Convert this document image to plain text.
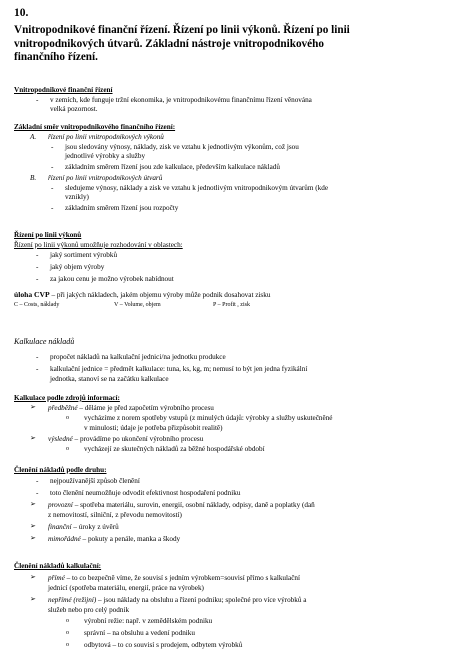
10.
Vnitropodnikové finanční řízení. Řízení po linii výkonů. Řízení po linii
vnitropodnikových útvarů. Základní nástroje vnitropodnikového
finančního řízení.
Vnitropodnikové finanční řízení
- v zemích, kde funguje tržní ekonomika, je vnitropodnikovému finančnímu řízení věnována
velká pozornost.
Základní směr vnitropodnikového finančního řízení:
A. řízení po linii vnitropodnikových výkonů
- jsou sledovány výnosy, náklady, zisk ve vztahu k jednotlivým výkonům, což jsou
jednotlivé výrobky a služby
- základním směrem řízení jsou zde kalkulace, především kalkulace nákladů
B. řízení po linii vnitropodnikových útvarů
- sledujeme výnosy, náklady a zisk ve vztahu k jednotlivým vnitropodnikovým útvarům (kde
vznikly)
- základním směrem řízení jsou rozpočty
Řízení po linii výkonů
Řízení po linii výkonů umožňuje rozhodování v oblastech:
- jaký sortiment výrobků
- jaký objem výroby
- za jakou cenu je možno výrobek nabídnout
úloha CVP – při jakých nákladech, jakém objemu výroby může podnik dosahovat zisku
C – Costs, náklady	V – Volume, objem	P – Profit , zisk
Kalkulace nákladů
- propočet nákladů na kalkulační jednici/na jednotku produkce
- kalkulační jednice = předmět kalkulace: tuna, ks, kg, m; nemusí to být jen jedna fyzikální
jednotka, stanoví se na začátku kalkulace
Kalkulace podle zdrojů informací:
➢ předběžné – děláme je před započetím výrobního procesu
o vycházíme z norem spotřeby vstupů (z minulých údajů: výrobky a služby uskutečněné
v minulosti; údaje je potřeba přizpůsobit realitě)
➢ výsledné – provádíme po ukončení výrobního procesu
o vycházejí ze skutečných nákladů za běžné hospodářské období
Členění nákladů podle druhu:
- nejpoužívanější způsob členění
- toto členění neumožňuje odvodit efektivnost hospodaření podniku
➢ provozní – spotřeba materiálu, surovin, energií, osobní náklady, odpisy, daně a poplatky (daň
z nemovitostí, silniční, z převodu nemovitostí)
➢ finanční – úroky z úvěrů
➢ mimořádné – pokuty a penále, manka a škody
Členění nákladů kalkulační:
➢ přímé – to co bezpečně víme, že souvisí s jedním výrobkem=souvisí přímo s kalkulační
jednicí (spotřeba materiálu, energií, práce na výrobek)
➢ nepřímé (režijní) – jsou náklady na obsluhu a řízení podniku; společné pro více výrobků a
služeb nebo pro celý podnik
o výrobní režie: např. v zemědělském podniku
o správní – na obsluhu a vedení podniku
o odbytová – to co souvisí s prodejem, odbytem výrobků
